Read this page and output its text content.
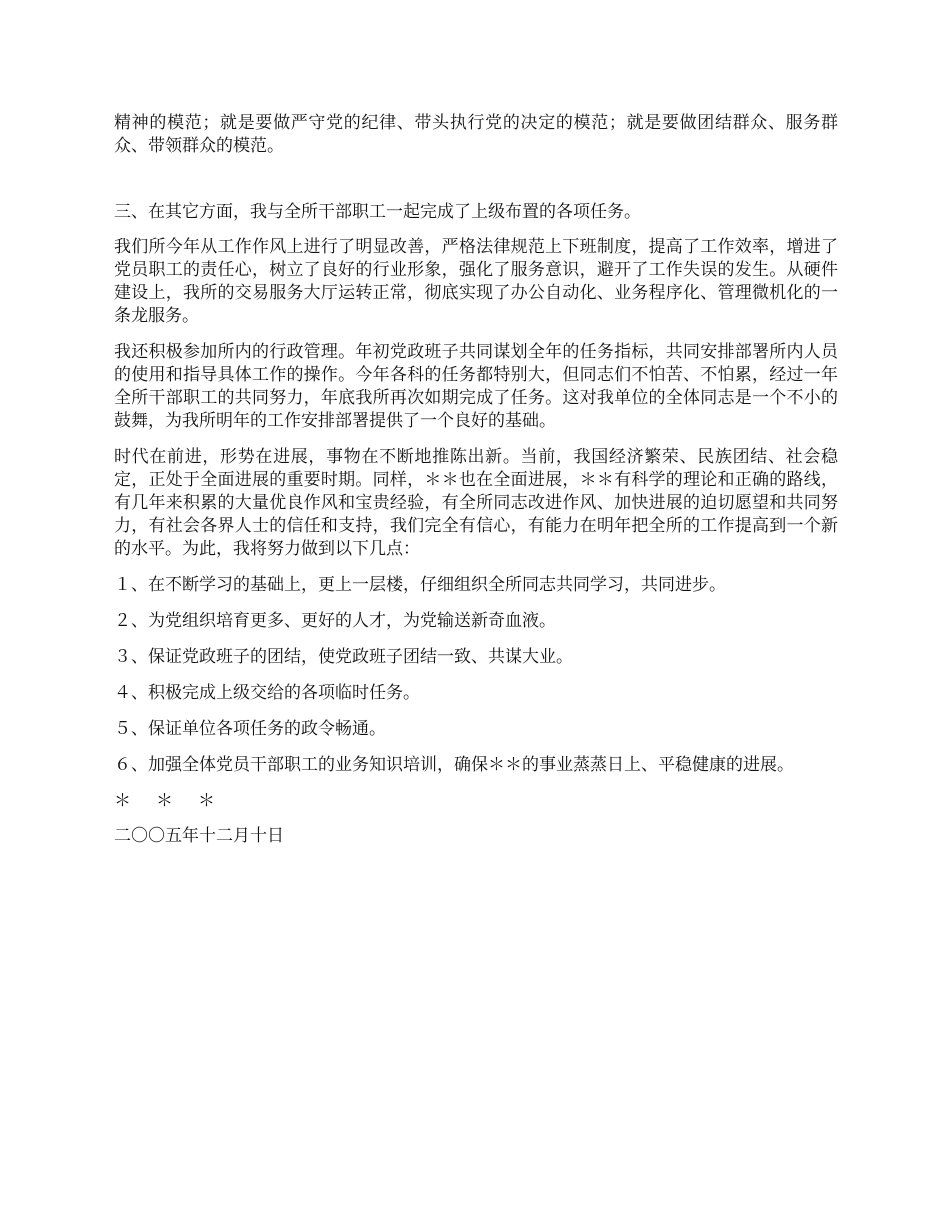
精神的模范；就是要做严守党的纪律、带头执行党的决定的模范；就是要做团结群众、服务群众、带领群众的模范。

三、在其它方面，我与全所干部职工一起完成了上级布置的各项任务。

我们所今年从工作作风上进行了明显改善，严格法律规范上下班制度，提高了工作效率，增进了党员职工的责任心，树立了良好的行业形象，强化了服务意识，避开了工作失误的发生。从硬件建设上，我所的交易服务大厅运转正常，彻底实现了办公自动化、业务程序化、管理微机化的一条龙服务。

我还积极参加所内的行政管理。年初党政班子共同谋划全年的任务指标，共同安排部署所内人员的使用和指导具体工作的操作。今年各科的任务都特别大，但同志们不怕苦、不怕累，经过一年全所干部职工的共同努力，年底我所再次如期完成了任务。这对我单位的全体同志是一个不小的鼓舞，为我所明年的工作安排部署提供了一个良好的基础。

时代在前进，形势在进展，事物在不断地推陈出新。当前，我国经济繁荣、民族团结、社会稳定，正处于全面进展的重要时期。同样，＊＊也在全面进展，＊＊有科学的理论和正确的路线，有几年来积累的大量优良作风和宝贵经验，有全所同志改进作风、加快进展的迫切愿望和共同努力，有社会各界人士的信任和支持，我们完全有信心，有能力在明年把全所的工作提高到一个新的水平。为此，我将努力做到以下几点：

１、在不断学习的基础上，更上一层楼，仔细组织全所同志共同学习，共同进步。

２、为党组织培育更多、更好的人才，为党输送新奇血液。

３、保证党政班子的团结，使党政班子团结一致、共谋大业。

４、积极完成上级交给的各项临时任务。

５、保证单位各项任务的政令畅通。

６、加强全体党员干部职工的业务知识培训，确保＊＊的事业蒸蒸日上、平稳健康的进展。

＊　＊　＊

二〇〇五年十二月十日
